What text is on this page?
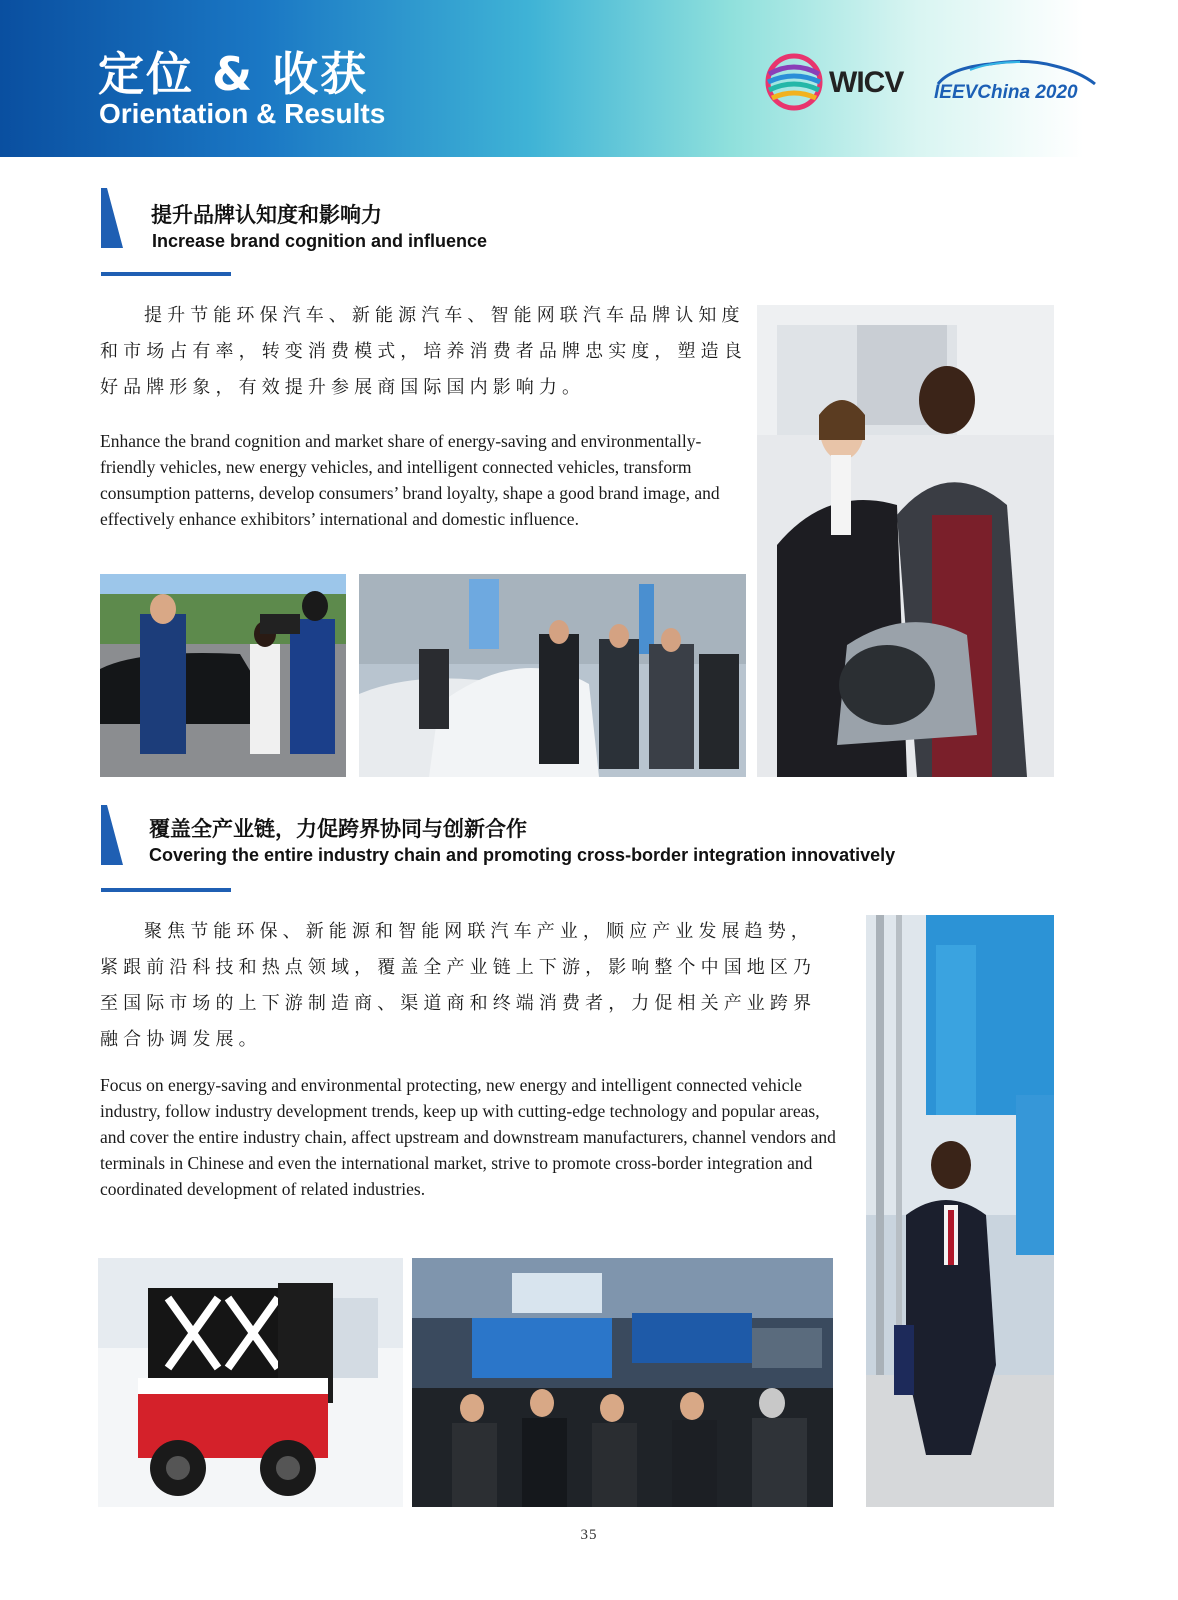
定位 & 收获
Orientation & Results
WICV IEEVChina 2020
提升品牌认知度和影响力
Increase brand cognition and influence
提升节能环保汽车、新能源汽车、智能网联汽车品牌认知度和市场占有率，转变消费模式，培养消费者品牌忠实度，塑造良好品牌形象，有效提升参展商国际国内影响力。
Enhance the brand cognition and market share of energy-saving and environmentally-friendly vehicles, new energy vehicles, and intelligent connected vehicles, transform consumption patterns, develop consumers’ brand loyalty, shape a good brand image, and effectively enhance exhibitors’ international and domestic influence.
覆盖全产业链，力促跨界协同与创新合作
Covering the entire industry chain and promoting cross-border integration innovatively
聚焦节能环保、新能源和智能网联汽车产业，顺应产业发展趋势，紧跟前沿科技和热点领域，覆盖全产业链上下游，影响整个中国地区乃至国际市场的上下游制造商、渠道商和终端消费者，力促相关产业跨界融合协调发展。
Focus on energy-saving and environmental protecting, new energy and intelligent connected vehicle industry, follow industry development trends, keep up with cutting-edge technology and popular areas, and cover the entire industry chain, affect upstream and downstream manufacturers, channel vendors and terminals in Chinese and even the international market, strive to promote cross-border integration and coordinated development of related industries.
35
